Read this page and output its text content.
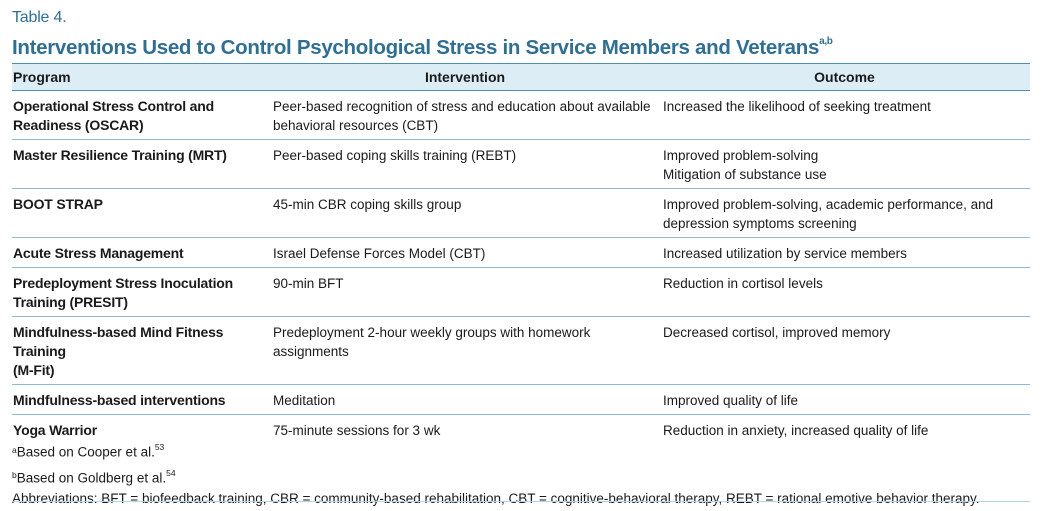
Table 4.
Interventions Used to Control Psychological Stress in Service Members and Veterans$^{a,b}$
Program	Intervention	Outcome

Operational Stress Control and
Readiness (OSCAR)	Peer-based recognition of stress and education about available
behavioral resources (CBT)	Increased the likelihood of seeking treatment

Master Resilience Training (MRT)	Peer-based coping skills training (REBT)	Improved problem-solving
Mitigation of substance use

BOOT STRAP	45-min CBR coping skills group	Improved problem-solving, academic performance, and
depression symptoms screening

Acute Stress Management	Israel Defense Forces Model (CBT)	Increased utilization by service members

Predeployment Stress Inoculation
Training (PRESIT)	90-min BFT	Reduction in cortisol levels

Mindfulness-based Mind Fitness Training
(M-Fit)	Predeployment 2-hour weekly groups with homework
assignments	Decreased cortisol, improved memory

Mindfulness-based interventions	Meditation	Improved quality of life

Yoga Warrior	75-minute sessions for 3 wk	Reduction in anxiety, increased quality of life
$^a$Based on Cooper et al.$^{53}$
$^b$Based on Goldberg et al.$^{54}$
Abbreviations: BFT = biofeedback training, CBR = community-based rehabilitation, CBT = cognitive-behavioral therapy, REBT = rational emotive behavior therapy.
